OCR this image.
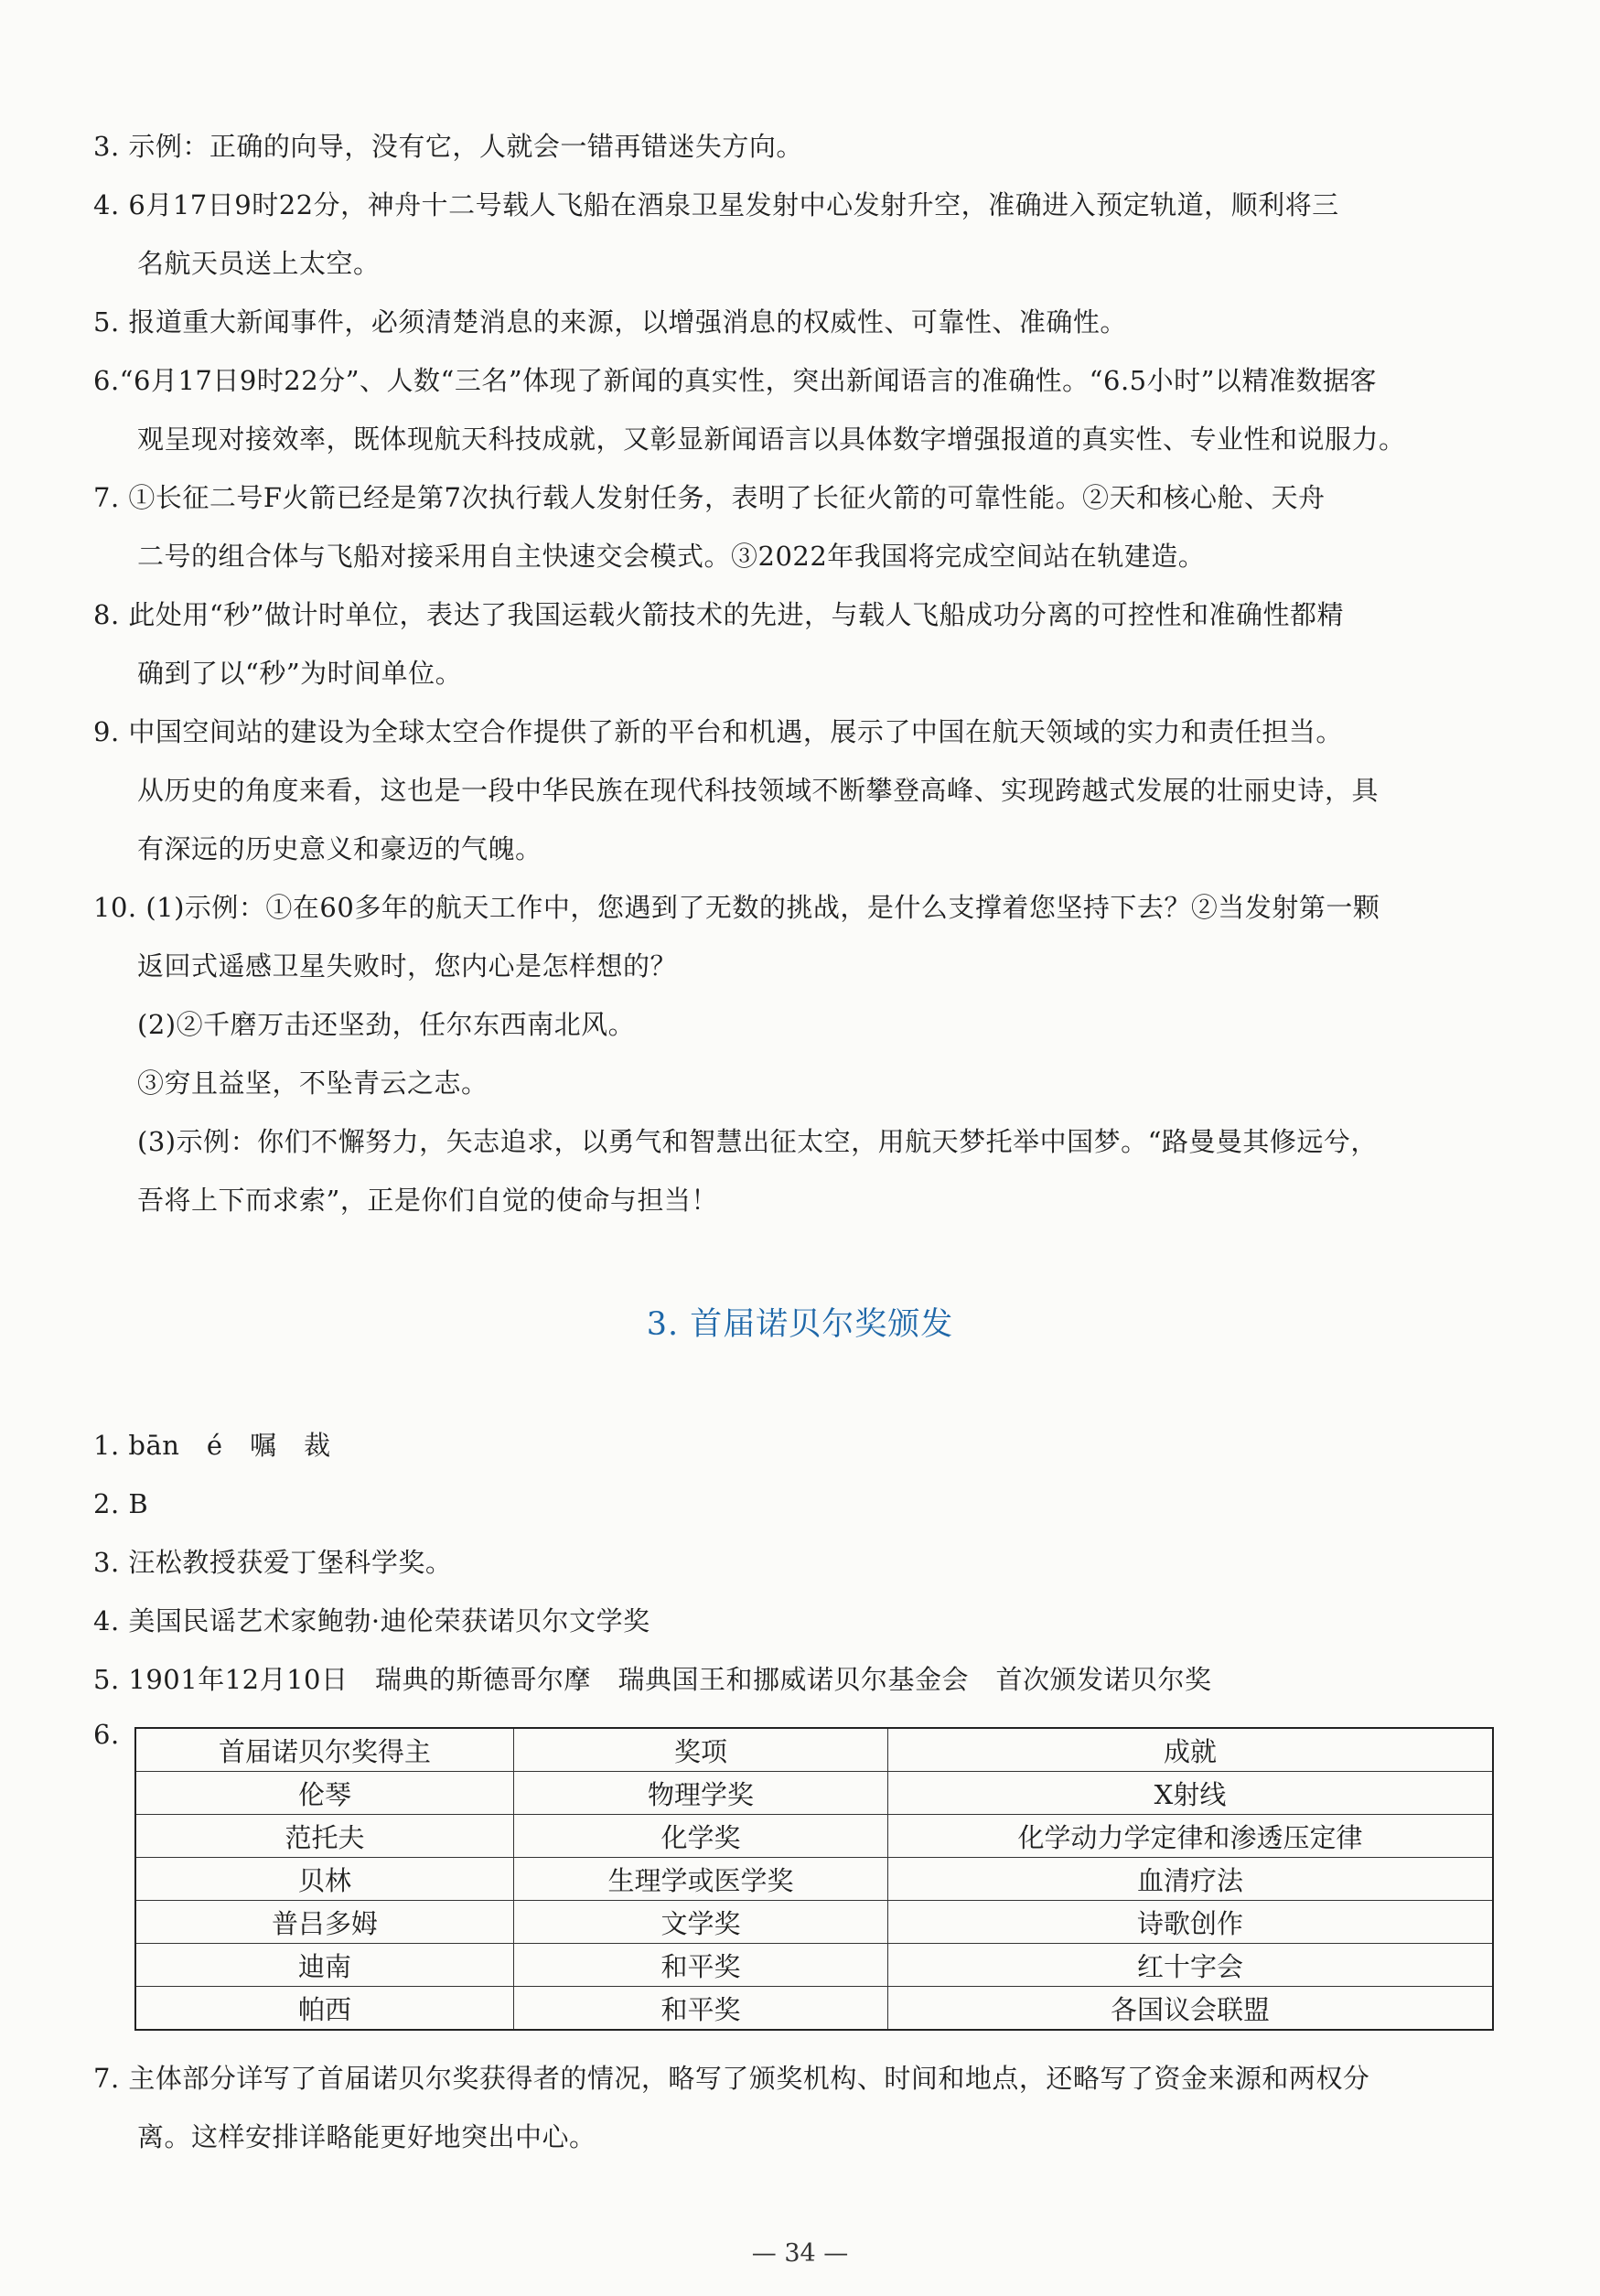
3. 示例：正确的向导，没有它，人就会一错再错迷失方向。
4. 6月17日9时22分，神舟十二号载人飞船在酒泉卫星发射中心发射升空，准确进入预定轨道，顺利将三
名航天员送上太空。
5. 报道重大新闻事件，必须清楚消息的来源，以增强消息的权威性、可靠性、准确性。
6.“6月17日9时22分”、人数“三名”体现了新闻的真实性，突出新闻语言的准确性。“6.5小时”以精准数据客
观呈现对接效率，既体现航天科技成就，又彰显新闻语言以具体数字增强报道的真实性、专业性和说服力。
7. ①长征二号F火箭已经是第7次执行载人发射任务，表明了长征火箭的可靠性能。②天和核心舱、天舟
二号的组合体与飞船对接采用自主快速交会模式。③2022年我国将完成空间站在轨建造。
8. 此处用“秒”做计时单位，表达了我国运载火箭技术的先进，与载人飞船成功分离的可控性和准确性都精
确到了以“秒”为时间单位。
9. 中国空间站的建设为全球太空合作提供了新的平台和机遇，展示了中国在航天领域的实力和责任担当。
从历史的角度来看，这也是一段中华民族在现代科技领域不断攀登高峰、实现跨越式发展的壮丽史诗，具
有深远的历史意义和豪迈的气魄。
10. (1)示例：①在60多年的航天工作中，您遇到了无数的挑战，是什么支撑着您坚持下去？②当发射第一颗
返回式遥感卫星失败时，您内心是怎样想的？
(2)②千磨万击还坚劲，任尔东西南北风。
③穷且益坚，不坠青云之志。
(3)示例：你们不懈努力，矢志追求，以勇气和智慧出征太空，用航天梦托举中国梦。“路曼曼其修远兮，
吾将上下而求索”，正是你们自觉的使命与担当！
3. 首届诺贝尔奖颁发
1. bān　é　嘱　裁
2. B
3. 汪松教授获爱丁堡科学奖。
4. 美国民谣艺术家鲍勃·迪伦荣获诺贝尔文学奖
5. 1901年12月10日　瑞典的斯德哥尔摩　瑞典国王和挪威诺贝尔基金会　首次颁发诺贝尔奖
6.
首届诺贝尔奖得主	奖项	成就
伦琴	物理学奖	X射线
范托夫	化学奖	化学动力学定律和渗透压定律
贝林	生理学或医学奖	血清疗法
普吕多姆	文学奖	诗歌创作
迪南	和平奖	红十字会
帕西	和平奖	各国议会联盟
7. 主体部分详写了首届诺贝尔奖获得者的情况，略写了颁奖机构、时间和地点，还略写了资金来源和两权分
离。这样安排详略能更好地突出中心。
— 34 —
